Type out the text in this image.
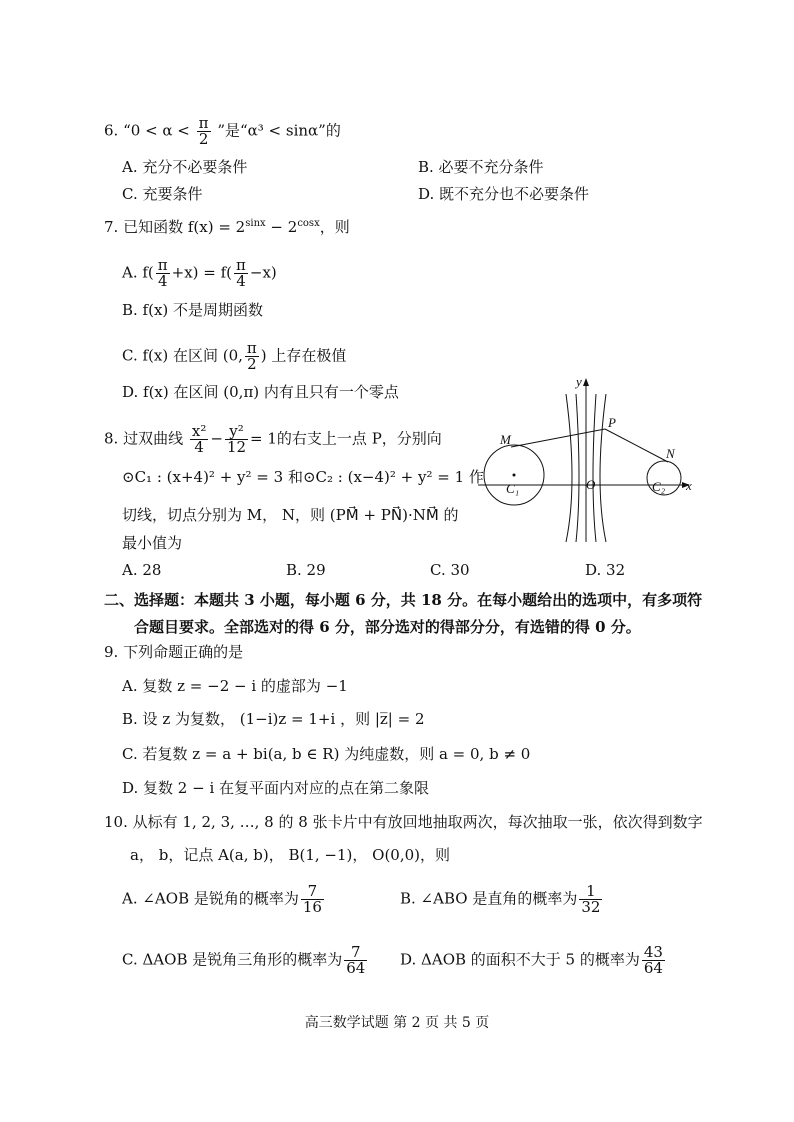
6. “$0 < \alpha < \frac{\pi}{2}$ ”是“α³ < sinα”的
A. 充分不必要条件	B. 必要不充分条件
C. 充要条件	D. 既不充分也不必要条件
7. 已知函数 $f(x) = 2^{sinx} - 2^{cosx}$，则
A. $f( \frac{\pi}{4} +x) = f( \frac{\pi}{4} -x)$
B. f(x) 不是周期函数
C. f(x) 在区间 (0, $\frac{\pi}{2}$ ) 上存在极值
D. f(x) 在区间 (0,π) 内有且只有一个零点
8. 过双曲线 $\frac{\text{x²}}{4} - \frac{\text{y²}}{12} = 1$的右支上一点 P，分别向
⊙C₁ : (x+4)² + y² = 3 和⊙C₂ : (x−4)² + y² = 1 作
切线，切点分别为 M， N，则 (PM⃗ + PN⃗)·NM⃗ 的
最小值为
A. 28	B. 29	C. 30	D. 32
y
P
M
N
C₁	O	C₂ x
二、选择题：本题共 3 小题，每小题 6 分，共 18 分。在每小题给出的选项中，有多项符
合题目要求。全部选对的得 6 分，部分选对的得部分分，有选错的得 0 分。
9. 下列命题正确的是
A. 复数 z = −2 − i 的虚部为 −1
B. 设 z 为复数， (1−i)z = 1+i ，则 |z̅| = 2
C. 若复数 z = a + bi(a, b ∈ R) 为纯虚数，则 a = 0, b ≠ 0
D. 复数 2 − i 在复平面内对应的点在第二象限
10. 从标有 1, 2, 3, …, 8 的 8 张卡片中有放回地抽取两次，每次抽取一张，依次得到数字
a， b，记点 A(a, b)， B(1, −1)， O(0,0)，则
A. ∠AOB 是锐角的概率为 $\frac{7}{16}$	B. ∠ABO 是直角的概率为 $\frac{1}{32}$
C. ΔAOB 是锐角三角形的概率为 $\frac{7}{64} D$. ΔAOB 的面积不大于 5 的概率为 $\frac{43}{64}$
高三数学试题 第 2 页 共 5 页
